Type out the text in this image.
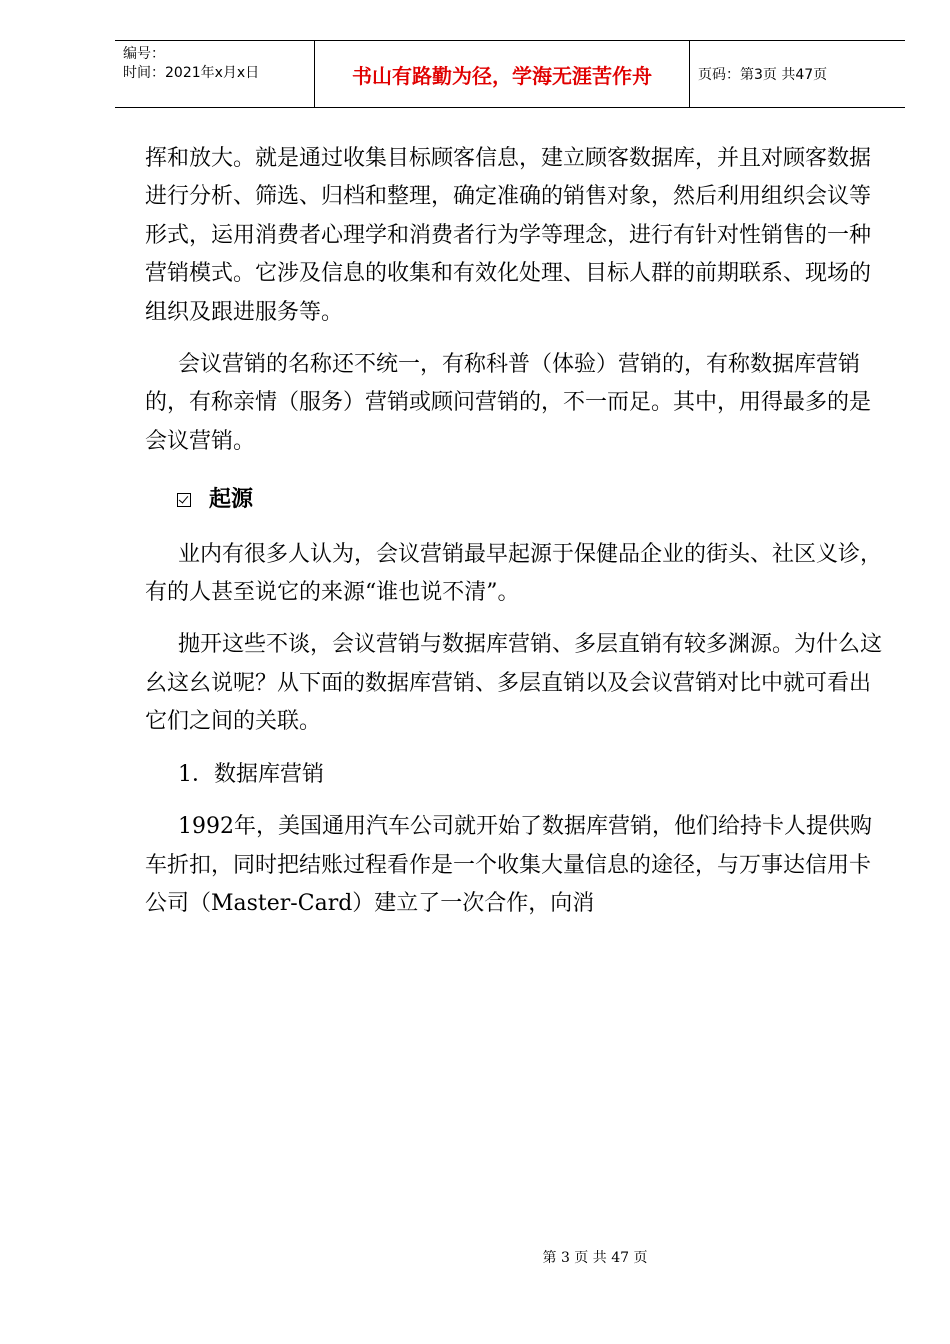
编号：
时间：2021年x月x日	书山有路勤为径，学海无涯苦作舟	页码：第3页 共47页

挥和放大。就是通过收集目标顾客信息，建立顾客数据库，并且对顾客数据进行分析、筛选、归档和整理，确定准确的销售对象，然后利用组织会议等形式，运用消费者心理学和消费者行为学等理念，进行有针对性销售的一种营销模式。它涉及信息的收集和有效化处理、目标人群的前期联系、现场的组织及跟进服务等。

会议营销的名称还不统一，有称科普（体验）营销的，有称数据库营销的，有称亲情（服务）营销或顾问营销的，不一而足。其中，用得最多的是会议营销。

起源

业内有很多人认为，会议营销最早起源于保健品企业的街头、社区义诊，有的人甚至说它的来源“谁也说不清”。

抛开这些不谈，会议营销与数据库营销、多层直销有较多渊源。为什么这幺这幺说呢？从下面的数据库营销、多层直销以及会议营销对比中就可看出它们之间的关联。

1．数据库营销

1992年，美国通用汽车公司就开始了数据库营销，他们给持卡人提供购车折扣，同时把结账过程看作是一个收集大量信息的途径，与万事达信用卡公司（Master-Card）建立了一次合作，向消

第 3 页 共 47 页
